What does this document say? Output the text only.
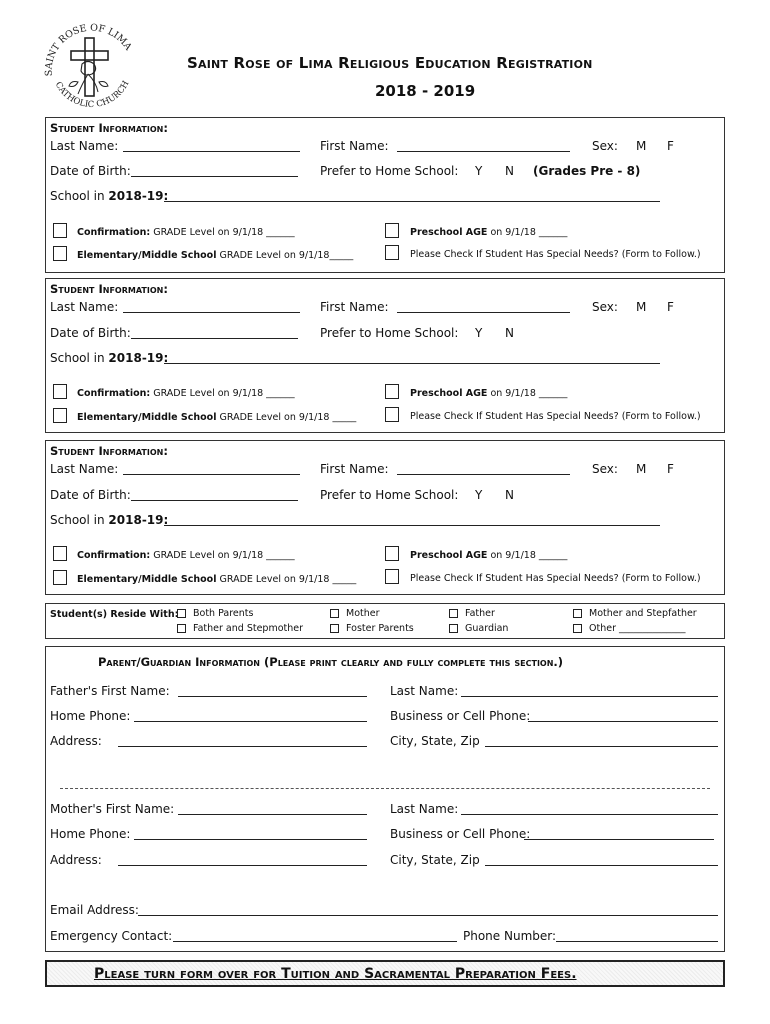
SAINT ROSE OF LIMA
CATHOLIC CHURCH
Saint Rose of Lima Religious Education Registration
2018 - 2019
Student Information:
Last Name:	First Name:	Sex: M F
Date of Birth:	Prefer to Home School: Y N (Grades Pre - 8)
School in 2018-19:
Confirmation: GRADE Level on 9/1/18 ______	Preschool AGE on 9/1/18 ______
Elementary/Middle School GRADE Level on 9/1/18_____	Please Check If Student Has Special Needs? (Form to Follow.)
Student Information:
Last Name:	First Name:	Sex: M F
Date of Birth:	Prefer to Home School: Y N
School in 2018-19:
Confirmation: GRADE Level on 9/1/18 ______	Preschool AGE on 9/1/18 ______
Elementary/Middle School GRADE Level on 9/1/18 _____	Please Check If Student Has Special Needs? (Form to Follow.)
Student Information:
Last Name:	First Name:	Sex: M F
Date of Birth:	Prefer to Home School: Y N
School in 2018-19:
Confirmation: GRADE Level on 9/1/18 ______	Preschool AGE on 9/1/18 ______
Elementary/Middle School GRADE Level on 9/1/18 _____	Please Check If Student Has Special Needs? (Form to Follow.)
Student(s) Reside With: Both Parents	Mother	Father	Mother and Stepfather
Father and Stepmother	Foster Parents	Guardian	Other ______________
Parent/Guardian Information (Please print clearly and fully complete this section.)
Father's First Name:	Last Name:
Home Phone:	Business or Cell Phone:
Address:	City, State, Zip
Mother's First Name:	Last Name:
Home Phone:	Business or Cell Phone:
Address:	City, State, Zip
Email Address:
Emergency Contact:	Phone Number:
Please turn form over for Tuition and Sacramental Preparation Fees.
